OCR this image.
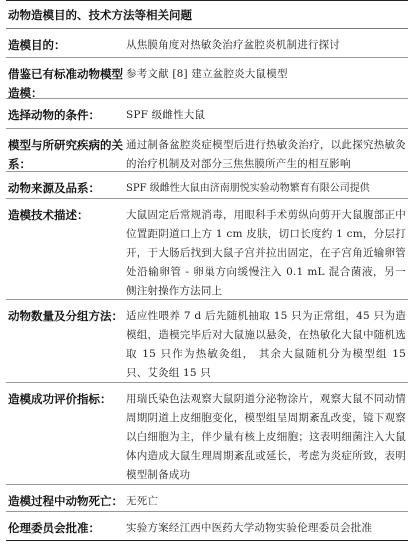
动物造模目的、技术方法等相关问题
造模目的：	从焦膜角度对热敏灸治疗盆腔炎机制进行探讨
借鉴已有标准动物模型造模：
参考文献 [8] 建立盆腔炎大鼠模型
选择动物的条件：	SPF 级雌性大鼠
模型与所研究疾病的关系：
通过制备盆腔炎症模型后进行热敏灸治疗，以此探究热敏灸的治疗机制及对部分三焦焦膜所产生的相互影响
动物来源及品系：	SPF 级雌性大鼠由济南朋悦实验动物繁育有限公司提供
造模技术描述：	大鼠固定后常规消毒，用眼科手术剪纵向剪开大鼠腹部正中位置距阴道口上方 1 cm 皮肤，切口长度约 1 cm，分层打开，于大肠后找到大鼠子宫并拉出固定，在子宫角近输卵管处沿输卵管 - 卵巢方向缓慢注入 0.1 mL 混合菌液，另一侧注射操作方法同上
动物数量及分组方法： 适应性喂养 7 d 后先随机抽取 15 只为正常组，45 只为造模组，造模完毕后对大鼠施以悬灸，在热敏化大鼠中随机选取 15 只作为热敏灸组， 其余大鼠随机分为模型组 15 只、艾灸组 15 只
造模成功评价指标：	用瑞氏染色法观察大鼠阴道分泌物涂片，观察大鼠不同动情周期阴道上皮细胞变化，模型组呈周期紊乱改变，镜下观察以白细胞为主，伴少量有核上皮细胞；这表明细菌注入大鼠体内造成大鼠生理周期紊乱或延长，考虑为炎症所致，表明模型制备成功
造模过程中动物死亡： 无死亡
伦理委员会批准：	实验方案经江西中医药大学动物实验伦理委员会批准
